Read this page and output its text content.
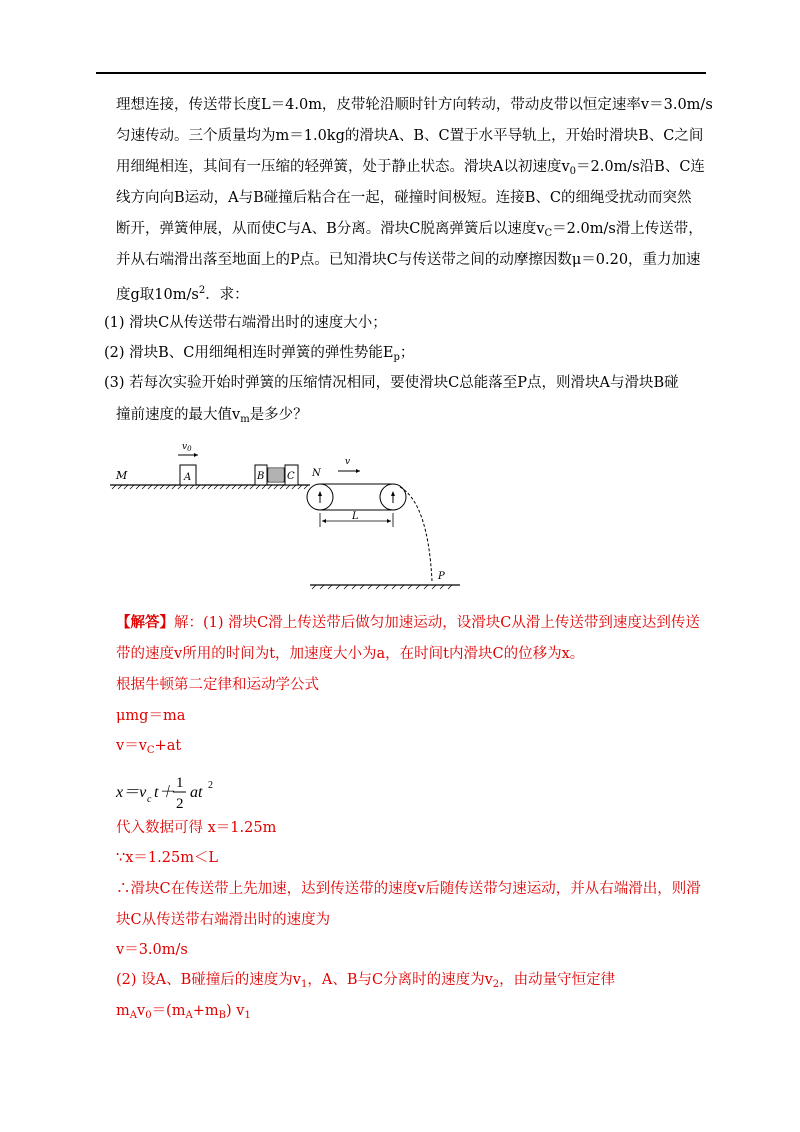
理想连接，传送带长度L＝4.0m，皮带轮沿顺时针方向转动，带动皮带以恒定速率v＝3.0m/s
匀速传动。三个质量均为m＝1.0kg的滑块A、B、C置于水平导轨上，开始时滑块B、C之间
用细绳相连，其间有一压缩的轻弹簧，处于静止状态。滑块A以初速度$v_0=2.0m/s$沿B、C连
线方向向B运动，A与B碰撞后粘合在一起，碰撞时间极短。连接B、C的细绳受扰动而突然
断开，弹簧伸展，从而使C与A、B分离。滑块C脱离弹簧后以速度$v_C=2.0m/s$滑上传送带，
并从右端滑出落至地面上的P点。已知滑块C与传送带之间的动摩擦因数μ＝0.20，重力加速
度g取$10m/s^2$．求：
(1) 滑块C从传送带右端滑出时的速度大小；
(2) 滑块B、C用细绳相连时弹簧的弹性势能$E_p$；
(3) 若每次实验开始时弹簧的压缩情况相同，要使滑块C总能落至P点，则滑块A与滑块B碰
撞前速度的最大值$v_m$是多少？
M	A
$v_0$
B C N
v
L
P
【解答】解：(1) 滑块C滑上传送带后做匀加速运动，设滑块C从滑上传送带到速度达到传送
带的速度v所用的时间为t，加速度大小为a，在时间t内滑块C的位移为x。
根据牛顿第二定律和运动学公式
μmg＝ma
$v=v_C+at$
x＝v c t＋
1
2
at 2
代入数据可得 x＝1.25m
∵x＝1.25m＜L
∴滑块C在传送带上先加速，达到传送带的速度v后随传送带匀速运动，并从右端滑出，则滑
块C从传送带右端滑出时的速度为
v＝3.0m/s
(2) 设A、B碰撞后的速度为$v_1$，A、B与C分离时的速度为$v_2$，由动量守恒定律
$m_Av_0=(m_A+m_B)$ $v_1$
